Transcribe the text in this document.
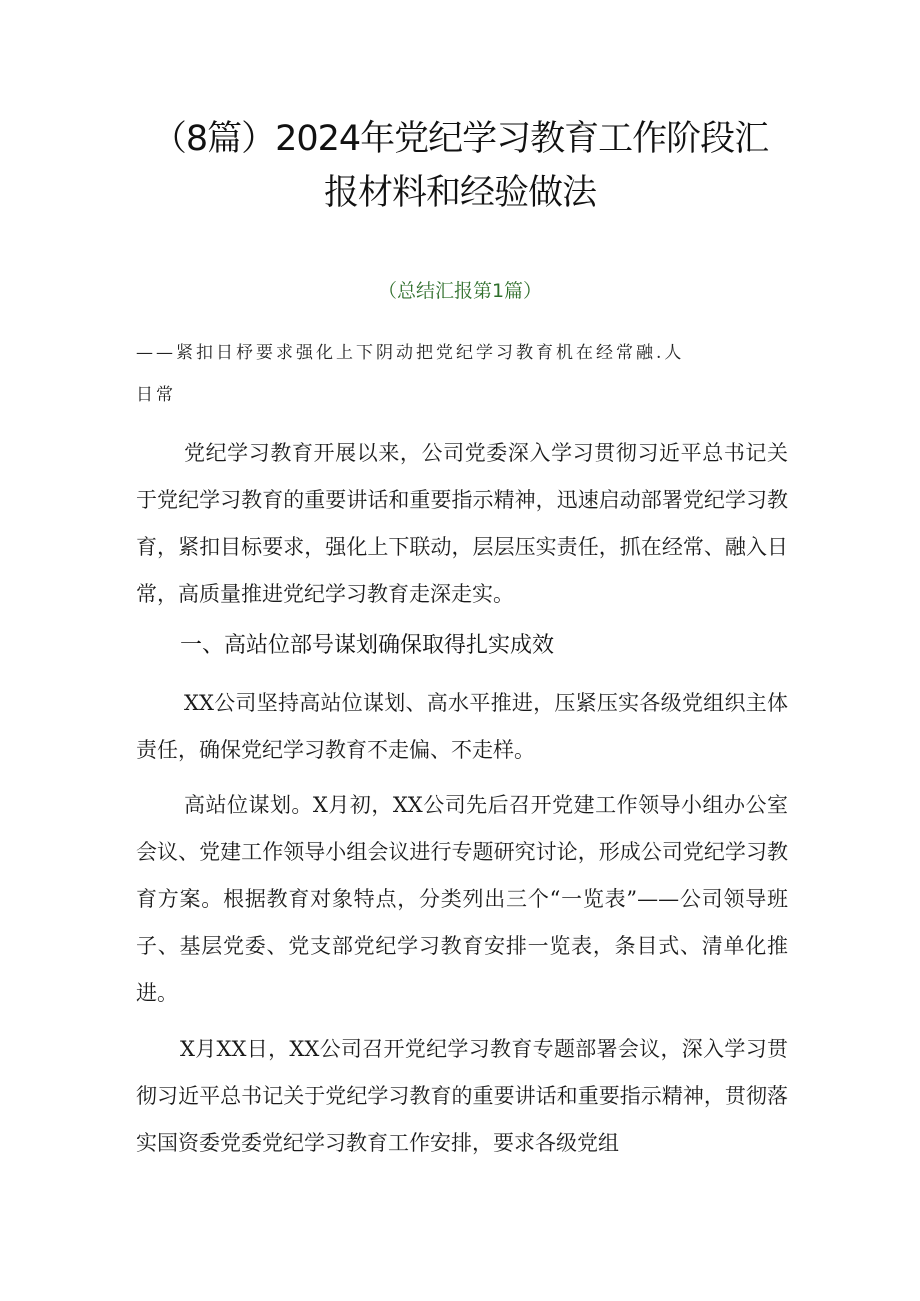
（8篇）2024年党纪学习教育工作阶段汇
报材料和经验做法
（总结汇报第1篇）
——紧扣日杼要求强化上下阴动把党纪学习教育机在经常融.人
日常

党纪学习教育开展以来，公司党委深入学习贯彻习近平总书记关于党纪学习教育的重要讲话和重要指示精神，迅速启动部署党纪学习教育，紧扣目标要求，强化上下联动，层层压实责任，抓在经常、融入日常，高质量推进党纪学习教育走深走实。

一、高站位部号谋划确保取得扎实成效

XX公司坚持高站位谋划、高水平推进，压紧压实各级党组织主体责任，确保党纪学习教育不走偏、不走样。

高站位谋划。X月初，XX公司先后召开党建工作领导小组办公室会议、党建工作领导小组会议进行专题研究讨论，形成公司党纪学习教育方案。根据教育对象特点，分类列出三个“一览表”——公司领导班子、基层党委、党支部党纪学习教育安排一览表，条目式、清单化推进。

X月XX日，XX公司召开党纪学习教育专题部署会议，深入学习贯彻习近平总书记关于党纪学习教育的重要讲话和重要指示精神，贯彻落实国资委党委党纪学习教育工作安排，要求各级党组
